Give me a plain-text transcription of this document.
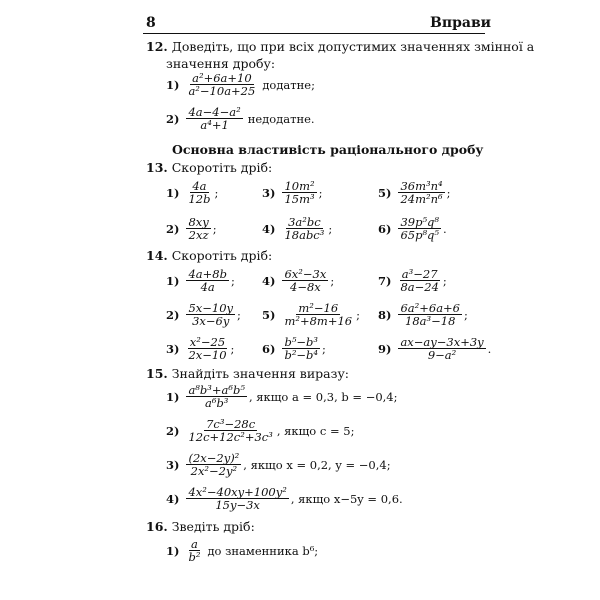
8	Вправи
12. Доведіть, що при всіх допустимих значеннях змінної a
значення дробу:
$1) \frac{\text{a²+6a+10}}{\text{a²−10a+25}}$ додатне;
$2) \frac{\text{4a−4−a²}}{\text{a⁴+1}}$ недодатне.
Основна властивість раціонального дробу
13. Скоротіть дріб:
$1) \frac{4a}{12b}$ ;	$3) \frac{\text{10m²}}{\text{15m³}}$ ;	$5) \frac{\text{36m³n⁴}}{\text{24m²n⁶}}$ ;
$2) \frac{8xy}{2xz}$ ;	$4) \frac{\text{3a²bc}}{\text{18abc³}}$ ;	$6) \frac{\text{39p⁵q⁸}}{\text{65p⁸q⁵}}$ .
14. Скоротіть дріб:
$1) \frac{4a+8b}{4a}$ ; $4) \frac{\text{6x²−3x}}{4-8x}$ ;	$7) \frac{\text{a³−27}}{8a-24}$ ;
$2) \frac{5x-10y}{3x-6y}$ ; $5) \frac{\text{m²−16}}{\text{m²+8m+16}}$ ; $8) \frac{\text{6a²+6a+6}}{\text{18a³−18}}$ ;
$3) \frac{\text{x²−25}}{2x-10}$ ; $6) \frac{\text{b⁵−b³}}{\text{b²−b⁴}}$ ;	$9) \frac{ax-ay-3x+3y}{\text{9−a²}}$ .
15. Знайдіть значення виразу:
$1) \frac{\text{a⁸b³+a⁶b⁵}}{\text{a⁶b³}}$ , якщо a = 0,3, b = −0,4;
$2) \frac{\text{7c³−28c}}{\text{12c+12c²+3c³}}$ , якщо c = 5;
$3) \frac{\text{(2x−2y)²}}{\text{2x²−2y²}}$ , якщо x = 0,2, y = −0,4;
$4) \frac{\text{4x²−40xy+100y²}}{15y-3x}$ , якщо x−5y = 0,6.
16. Зведіть дріб:
$1) \frac{a}{\text{b²}}$ до знаменника b⁶;
